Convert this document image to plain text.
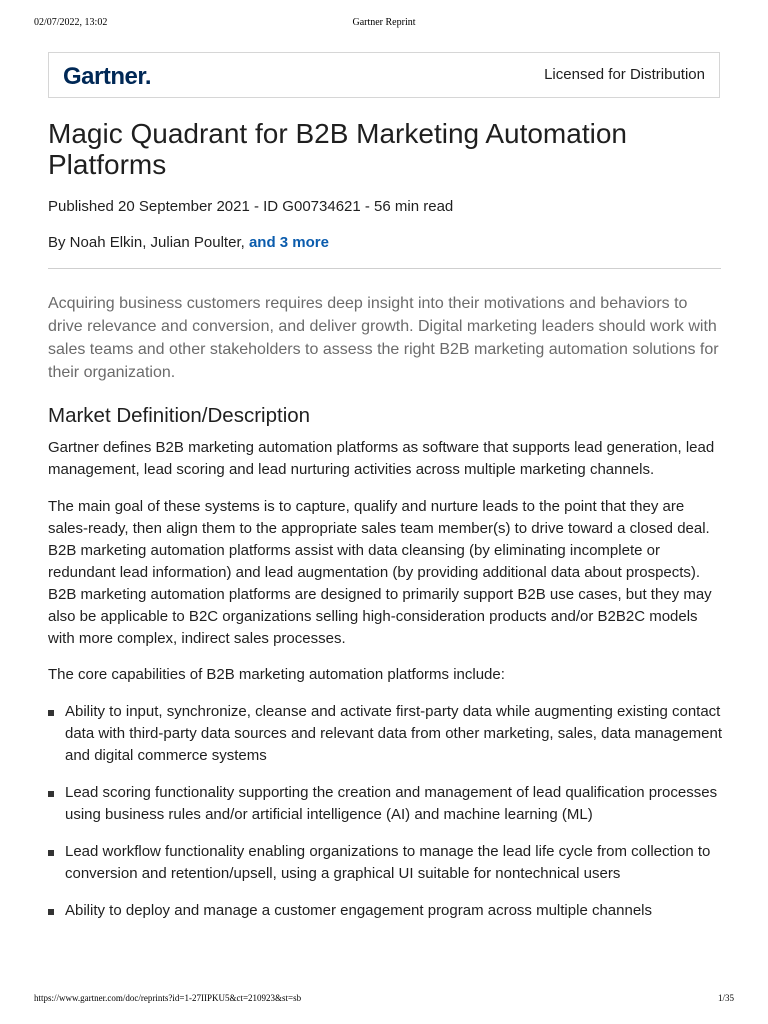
02/07/2022, 13:02	Gartner Reprint
Gartner.	Licensed for Distribution
Magic Quadrant for B2B Marketing Automation Platforms
Published 20 September 2021 - ID G00734621 - 56 min read
By Noah Elkin, Julian Poulter, and 3 more

Acquiring business customers requires deep insight into their motivations and behaviors to drive relevance and conversion, and deliver growth. Digital marketing leaders should work with sales teams and other stakeholders to assess the right B2B marketing automation solutions for their organization.

Market Definition/Description

Gartner defines B2B marketing automation platforms as software that supports lead generation, lead management, lead scoring and lead nurturing activities across multiple marketing channels.

The main goal of these systems is to capture, qualify and nurture leads to the point that they are sales-ready, then align them to the appropriate sales team member(s) to drive toward a closed deal. B2B marketing automation platforms assist with data cleansing (by eliminating incomplete or redundant lead information) and lead augmentation (by providing additional data about prospects). B2B marketing automation platforms are designed to primarily support B2B use cases, but they may also be applicable to B2C organizations selling high-consideration products and/or B2B2C models with more complex, indirect sales processes.

The core capabilities of B2B marketing automation platforms include:

Ability to input, synchronize, cleanse and activate first-party data while augmenting existing contact data with third-party data sources and relevant data from other marketing, sales, data management and digital commerce systems
Lead scoring functionality supporting the creation and management of lead qualification processes using business rules and/or artificial intelligence (AI) and machine learning (ML)
Lead workflow functionality enabling organizations to manage the lead life cycle from collection to conversion and retention/upsell, using a graphical UI suitable for nontechnical users
Ability to deploy and manage a customer engagement program across multiple channels
https://www.gartner.com/doc/reprints?id=1-27IIPKU5&ct=210923&st=sb	1/35
